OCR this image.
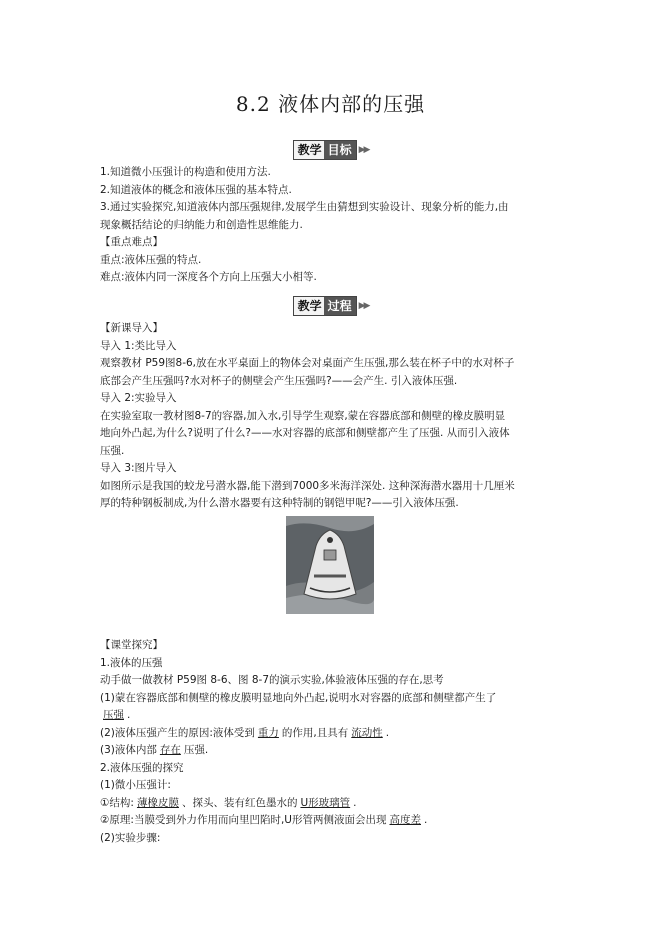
8.2 液体内部的压强
教学 目标 ▶▶

1.知道微小压强计的构造和使用方法.

2.知道液体的概念和液体压强的基本特点.

3.通过实验探究,知道液体内部压强规律,发展学生由猜想到实验设计、现象分析的能力,由

现象概括结论的归纳能力和创造性思维能力.

【重点难点】

重点:液体压强的特点.

难点:液体内同一深度各个方向上压强大小相等.

教学 过程 ▶▶

【新课导入】

导入 1:类比导入

观察教材 P59图8-6,放在水平桌面上的物体会对桌面产生压强,那么装在杯子中的水对杯子

底部会产生压强吗?水对杯子的侧壁会产生压强吗?——会产生. 引入液体压强.

导入 2:实验导入

在实验室取一教材图8-7的容器,加入水,引导学生观察,蒙在容器底部和侧壁的橡皮膜明显

地向外凸起,为什么?说明了什么?——水对容器的底部和侧壁都产生了压强. 从而引入液体

压强.

导入 3:图片导入

如图所示是我国的蛟龙号潜水器,能下潜到7000多米海洋深处. 这种深海潜水器用十几厘米

厚的特种钢板制成,为什么潜水器要有这种特制的钢铠甲呢?——引入液体压强.

【课堂探究】

1.液体的压强

动手做一做教材 P59图 8-6、图 8-7的演示实验,体验液体压强的存在,思考

(1)蒙在容器底部和侧壁的橡皮膜明显地向外凸起,说明水对容器的底部和侧壁都产生了

压强 .

(2)液体压强产生的原因:液体受到 重力 的作用,且具有 流动性 .

(3)液体内部 存在 压强.

2.液体压强的探究

(1)微小压强计:

①结构: 薄橡皮膜 、探头、装有红色墨水的 U形玻璃管 .

②原理:当膜受到外力作用而向里凹陷时,U形管两侧液面会出现 高度差 .

(2)实验步骤:
